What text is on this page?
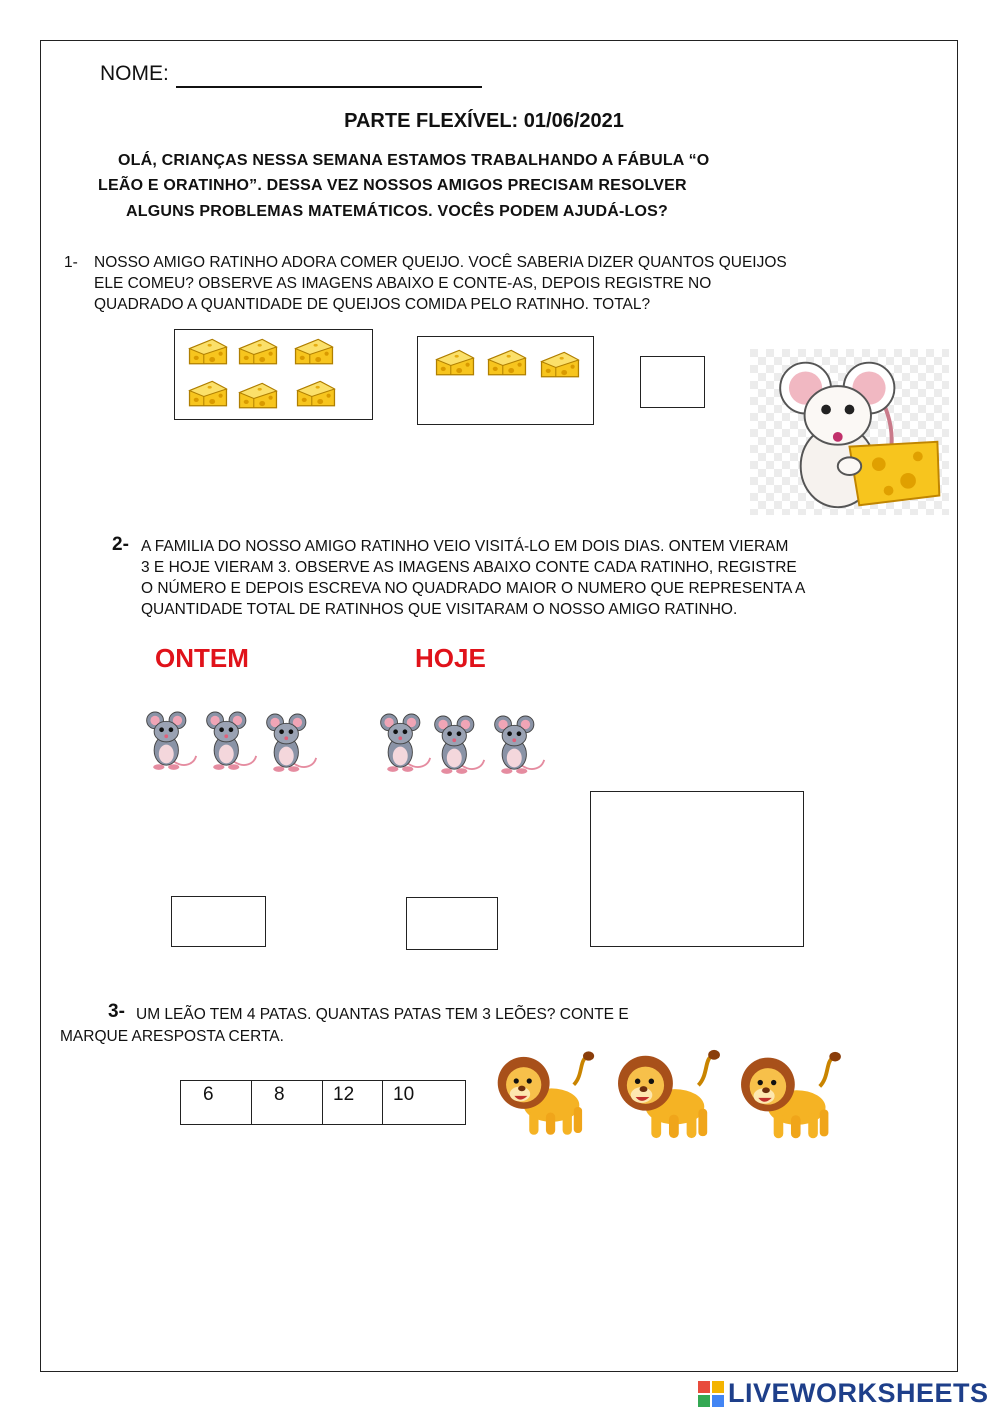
NOME:
PARTE FLEXÍVEL: 01/06/2021
OLÁ, CRIANÇAS NESSA SEMANA ESTAMOS TRABALHANDO A FÁBULA “O
LEÃO E ORATINHO”. DESSA VEZ NOSSOS AMIGOS PRECISAM RESOLVER
ALGUNS PROBLEMAS MATEMÁTICOS. VOCÊS PODEM AJUDÁ-LOS?
1- NOSSO AMIGO RATINHO ADORA COMER QUEIJO. VOCÊ SABERIA DIZER QUANTOS QUEIJOS
ELE COMEU? OBSERVE AS IMAGENS ABAIXO E CONTE-AS, DEPOIS REGISTRE NO
QUADRADO A QUANTIDADE DE QUEIJOS COMIDA PELO RATINHO. TOTAL?
2- A FAMILIA DO NOSSO AMIGO RATINHO VEIO VISITÁ-LO EM DOIS DIAS. ONTEM VIERAM
3 E HOJE VIERAM 3. OBSERVE AS IMAGENS ABAIXO CONTE CADA RATINHO, REGISTRE
O NÚMERO E DEPOIS ESCREVA NO QUADRADO MAIOR O NUMERO QUE REPRESENTA A
QUANTIDADE TOTAL DE RATINHOS QUE VISITARAM O NOSSO AMIGO RATINHO.
ONTEM	HOJE
3- UM LEÃO TEM 4 PATAS. QUANTAS PATAS TEM 3 LEÕES? CONTE E
MARQUE ARESPOSTA CERTA.
6	8	12	10
LIVEWORKSHEETS
